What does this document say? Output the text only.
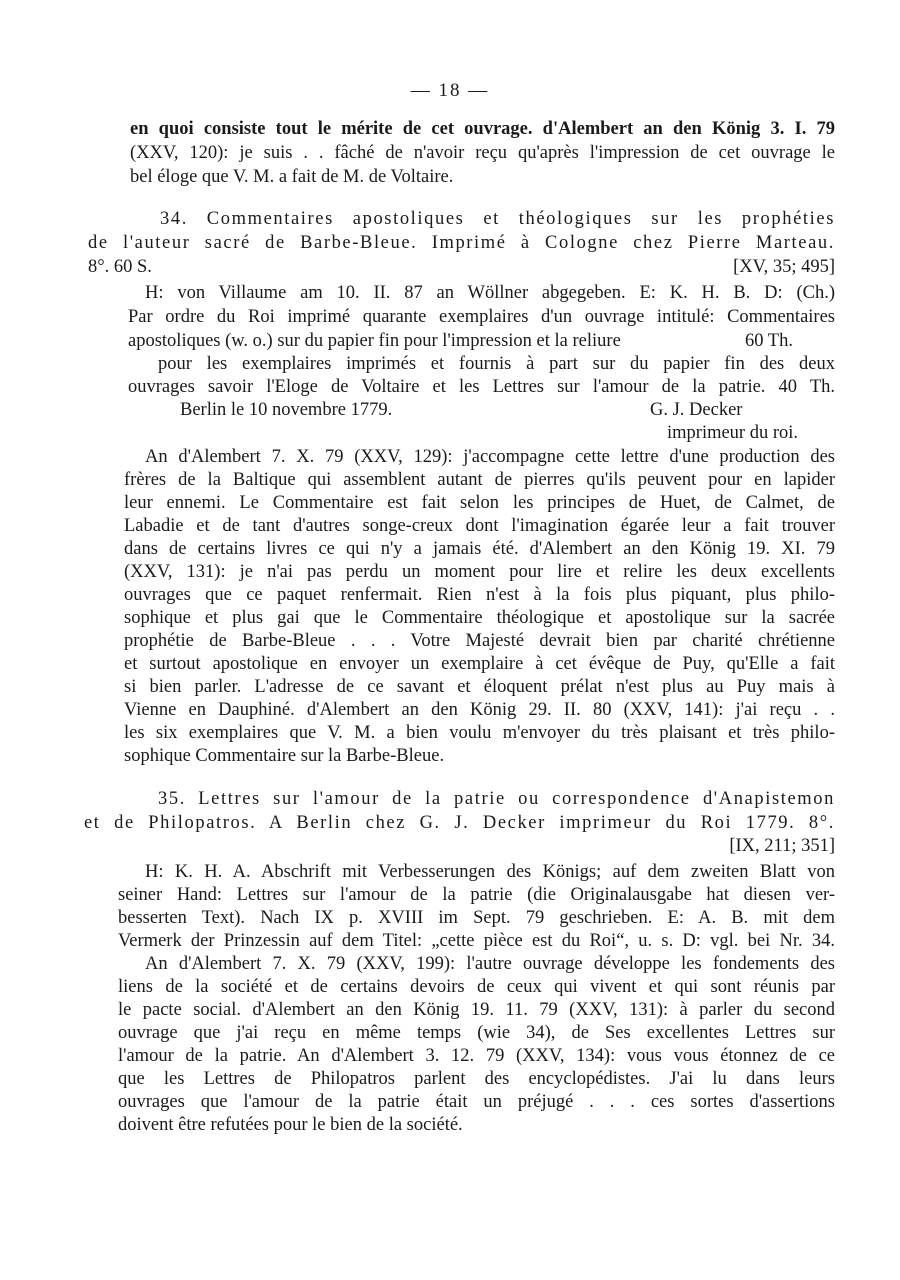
— 18 —
en quoi consiste tout le mérite de cet ouvrage. d'Alembert an den König 3. I. 79
(XXV, 120): je suis . . fâché de n'avoir reçu qu'après l'impression de cet ouvrage le
bel éloge que V. M. a fait de M. de Voltaire.
34. Commentaires apostoliques et théologiques sur les prophéties
de l'auteur sacré de Barbe-Bleue. Imprimé à Cologne chez Pierre Marteau.
8°. 60 S.	[XV, 35; 495]
H: von Villaume am 10. II. 87 an Wöllner abgegeben. E: K. H. B. D: (Ch.)
Par ordre du Roi imprimé quarante exemplaires d'un ouvrage intitulé: Commentaires
apostoliques (w. o.) sur du papier fin pour l'impression et la reliure	60 Th.
pour les exemplaires imprimés et fournis à part sur du papier fin des deux
ouvrages savoir l'Eloge de Voltaire et les Lettres sur l'amour de la patrie. 40 Th.
Berlin le 10 novembre 1779.	G. J. Decker
imprimeur du roi.
An d'Alembert 7. X. 79 (XXV, 129): j'accompagne cette lettre d'une production des
frères de la Baltique qui assemblent autant de pierres qu'ils peuvent pour en lapider
leur ennemi. Le Commentaire est fait selon les principes de Huet, de Calmet, de
Labadie et de tant d'autres songe-creux dont l'imagination égarée leur a fait trouver
dans de certains livres ce qui n'y a jamais été. d'Alembert an den König 19. XI. 79
(XXV, 131): je n'ai pas perdu un moment pour lire et relire les deux excellents
ouvrages que ce paquet renfermait. Rien n'est à la fois plus piquant, plus philo-
sophique et plus gai que le Commentaire théologique et apostolique sur la sacrée
prophétie de Barbe-Bleue . . . Votre Majesté devrait bien par charité chrétienne
et surtout apostolique en envoyer un exemplaire à cet évêque de Puy, qu'Elle a fait
si bien parler. L'adresse de ce savant et éloquent prélat n'est plus au Puy mais à
Vienne en Dauphiné. d'Alembert an den König 29. II. 80 (XXV, 141): j'ai reçu . .
les six exemplaires que V. M. a bien voulu m'envoyer du très plaisant et très philo-
sophique Commentaire sur la Barbe-Bleue.
35. Lettres sur l'amour de la patrie ou correspondence d'Anapistemon
et de Philopatros. A Berlin chez G. J. Decker imprimeur du Roi 1779. 8°.
[IX, 211; 351]
H: K. H. A. Abschrift mit Verbesserungen des Königs; auf dem zweiten Blatt von
seiner Hand: Lettres sur l'amour de la patrie (die Originalausgabe hat diesen ver-
besserten Text). Nach IX p. XVIII im Sept. 79 geschrieben. E: A. B. mit dem
Vermerk der Prinzessin auf dem Titel: „cette pièce est du Roi“, u. s. D: vgl. bei Nr. 34.
An d'Alembert 7. X. 79 (XXV, 199): l'autre ouvrage développe les fondements des
liens de la société et de certains devoirs de ceux qui vivent et qui sont réunis par
le pacte social. d'Alembert an den König 19. 11. 79 (XXV, 131): à parler du second
ouvrage que j'ai reçu en même temps (wie 34), de Ses excellentes Lettres sur
l'amour de la patrie. An d'Alembert 3. 12. 79 (XXV, 134): vous vous étonnez de ce
que les Lettres de Philopatros parlent des encyclopédistes. J'ai lu dans leurs
ouvrages que l'amour de la patrie était un préjugé . . . ces sortes d'assertions
doivent être refutées pour le bien de la société.
